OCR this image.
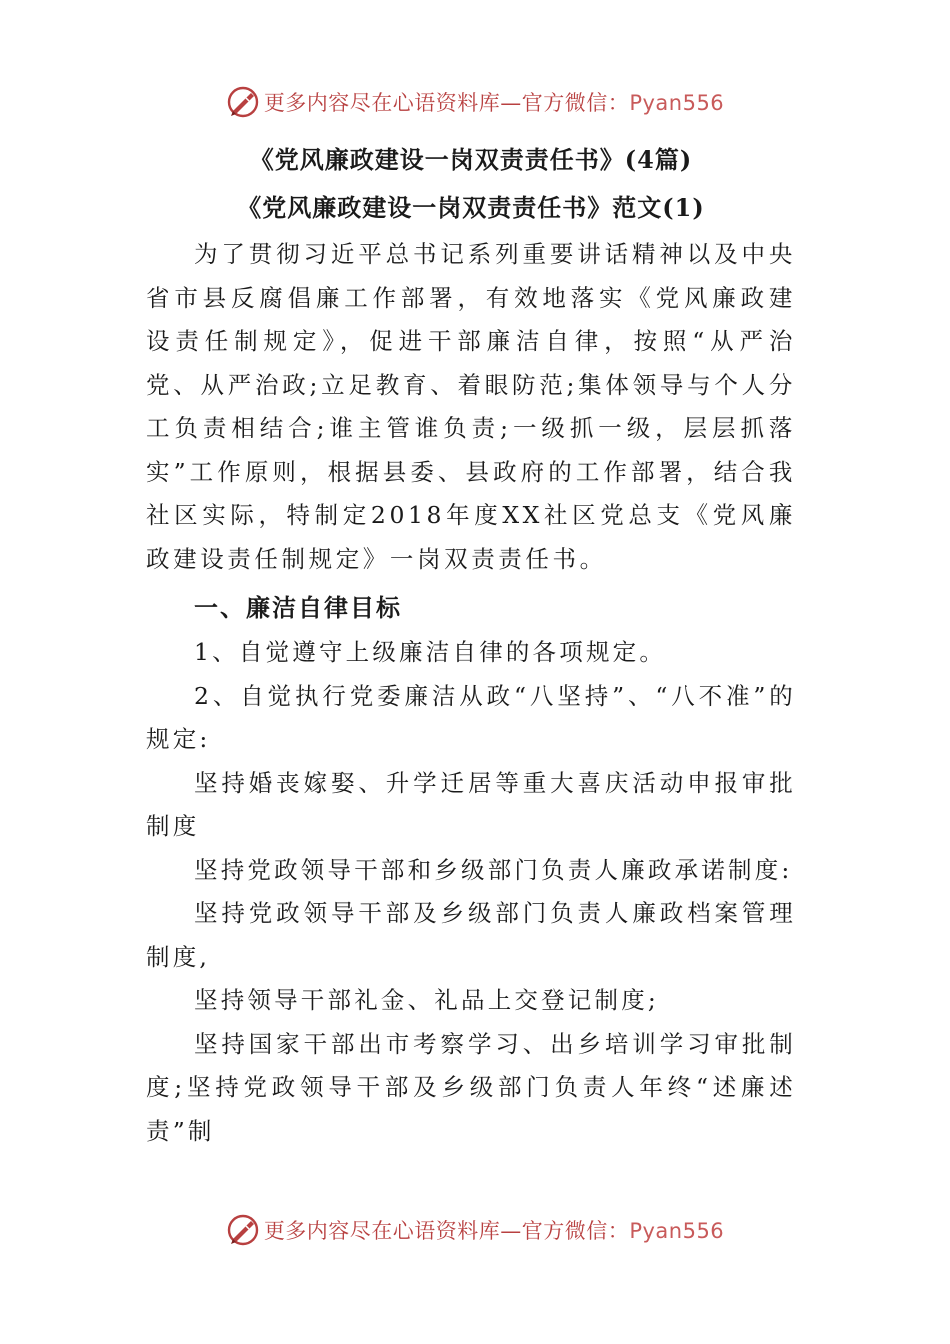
更多内容尽在心语资料库—官方微信：Pyan556

《党风廉政建设一岗双责责任书》(4篇)

《党风廉政建设一岗双责责任书》范文(1)

为了贯彻习近平总书记系列重要讲话精神以及中央省市县反腐倡廉工作部署，有效地落实《党风廉政建设责任制规定》，促进干部廉洁自律，按照“从严治党、从严治政;立足教育、着眼防范;集体领导与个人分工负责相结合;谁主管谁负责;一级抓一级，层层抓落实”工作原则，根据县委、县政府的工作部署，结合我社区实际，特制定2018年度XX社区党总支《党风廉政建设责任制规定》一岗双责责任书。

一、廉洁自律目标

1、自觉遵守上级廉洁自律的各项规定。

2、自觉执行党委廉洁从政“八坚持”、“八不准”的规定:

坚持婚丧嫁娶、升学迁居等重大喜庆活动申报审批制度

坚持党政领导干部和乡级部门负责人廉政承诺制度:

坚持党政领导干部及乡级部门负责人廉政档案管理制度,

坚持领导干部礼金、礼品上交登记制度;

坚持国家干部出市考察学习、出乡培训学习审批制度;坚持党政领导干部及乡级部门负责人年终“述廉述责”制

更多内容尽在心语资料库—官方微信：Pyan556
